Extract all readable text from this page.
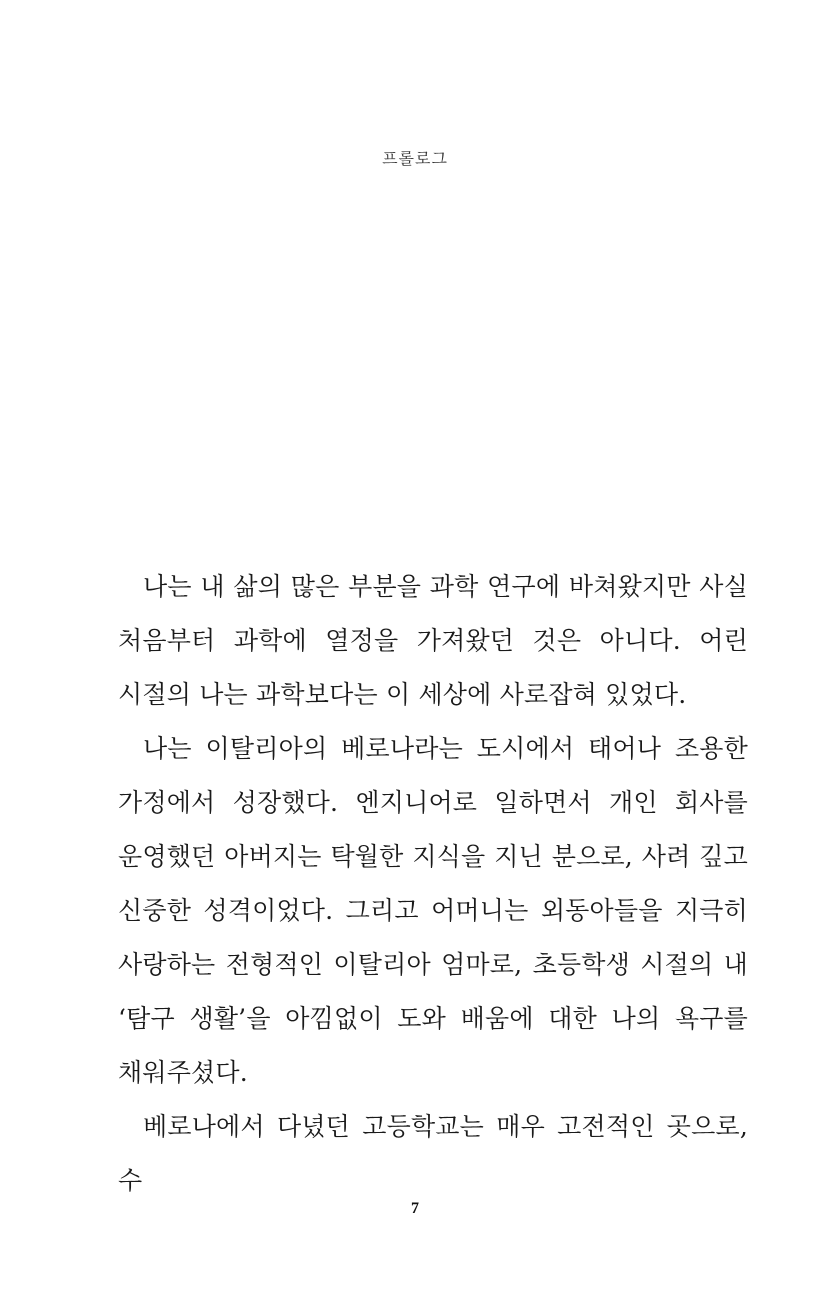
프롤로그

나는 내 삶의 많은 부분을 과학 연구에 바쳐왔지만 사실 처음부터 과학에 열정을 가져왔던 것은 아니다. 어린 시절의 나는 과학보다는 이 세상에 사로잡혀 있었다.

나는 이탈리아의 베로나라는 도시에서 태어나 조용한 가정에서 성장했다. 엔지니어로 일하면서 개인 회사를 운영했던 아버지는 탁월한 지식을 지닌 분으로, 사려 깊고 신중한 성격이었다. 그리고 어머니는 외동아들을 지극히 사랑하는 전형적인 이탈리아 엄마로, 초등학생 시절의 내 ‘탐구 생활’을 아낌없이 도와 배움에 대한 나의 욕구를 채워주셨다.

베로나에서 다녔던 고등학교는 매우 고전적인 곳으로, 수

7
